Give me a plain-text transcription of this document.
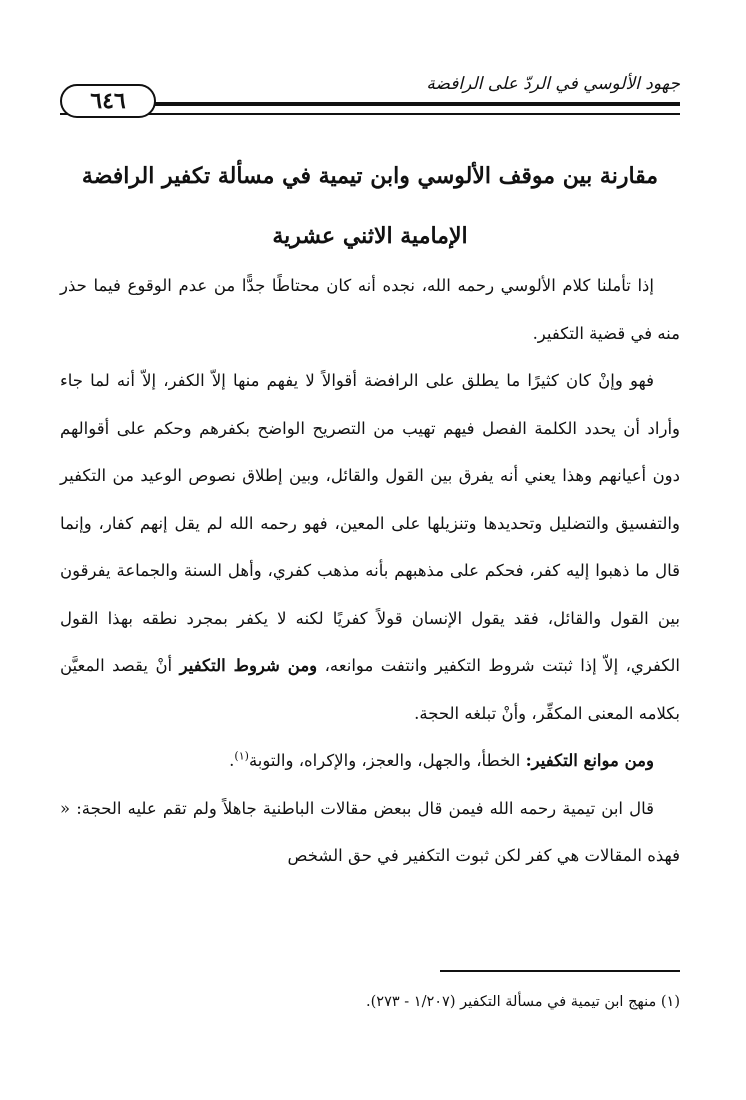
جهود الألوسي في الردّ على الرافضة
٦٤٦
مقارنة بين موقف الألوسي وابن تيمية في مسألة تكفير الرافضة
الإمامية الاثني عشرية

إذا تأملنا كلام الألوسي رحمه الله، نجده أنه كان محتاطًا جدًّا من عدم الوقوع فيما حذر منه في قضية التكفير.

فهو وإنْ كان كثيرًا ما يطلق على الرافضة أقوالاً لا يفهم منها إلاّ الكفر، إلاّ أنه لما جاء وأراد أن يحدد الكلمة الفصل فيهم تهيب من التصريح الواضح بكفرهم وحكم على أقوالهم دون أعيانهم وهذا يعني أنه يفرق بين القول والقائل، وبين إطلاق نصوص الوعيد من التكفير والتفسيق والتضليل وتحديدها وتنزيلها على المعين، فهو رحمه الله لم يقل إنهم كفار، وإنما قال ما ذهبوا إليه كفر، فحكم على مذهبهم بأنه مذهب كفري، وأهل السنة والجماعة يفرقون بين القول والقائل، فقد يقول الإنسان قولاً كفريًا لكنه لا يكفر بمجرد نطقه بهذا القول الكفري، إلاّ إذا ثبتت شروط التكفير وانتفت موانعه، ومن شروط التكفير أنْ يقصد المعيَّن بكلامه المعنى المكفِّر، وأنْ تبلغه الحجة.

ومن موانع التكفير: الخطأ، والجهل، والعجز، والإكراه، والتوبة$^{(١)}$.

قال ابن تيمية رحمه الله فيمن قال ببعض مقالات الباطنية جاهلاً ولم تقم عليه الحجة: « فهذه المقالات هي كفر لكن ثبوت التكفير في حق الشخص

(١) منهج ابن تيمية في مسألة التكفير (١/٢٠٧ - ٢٧٣).
